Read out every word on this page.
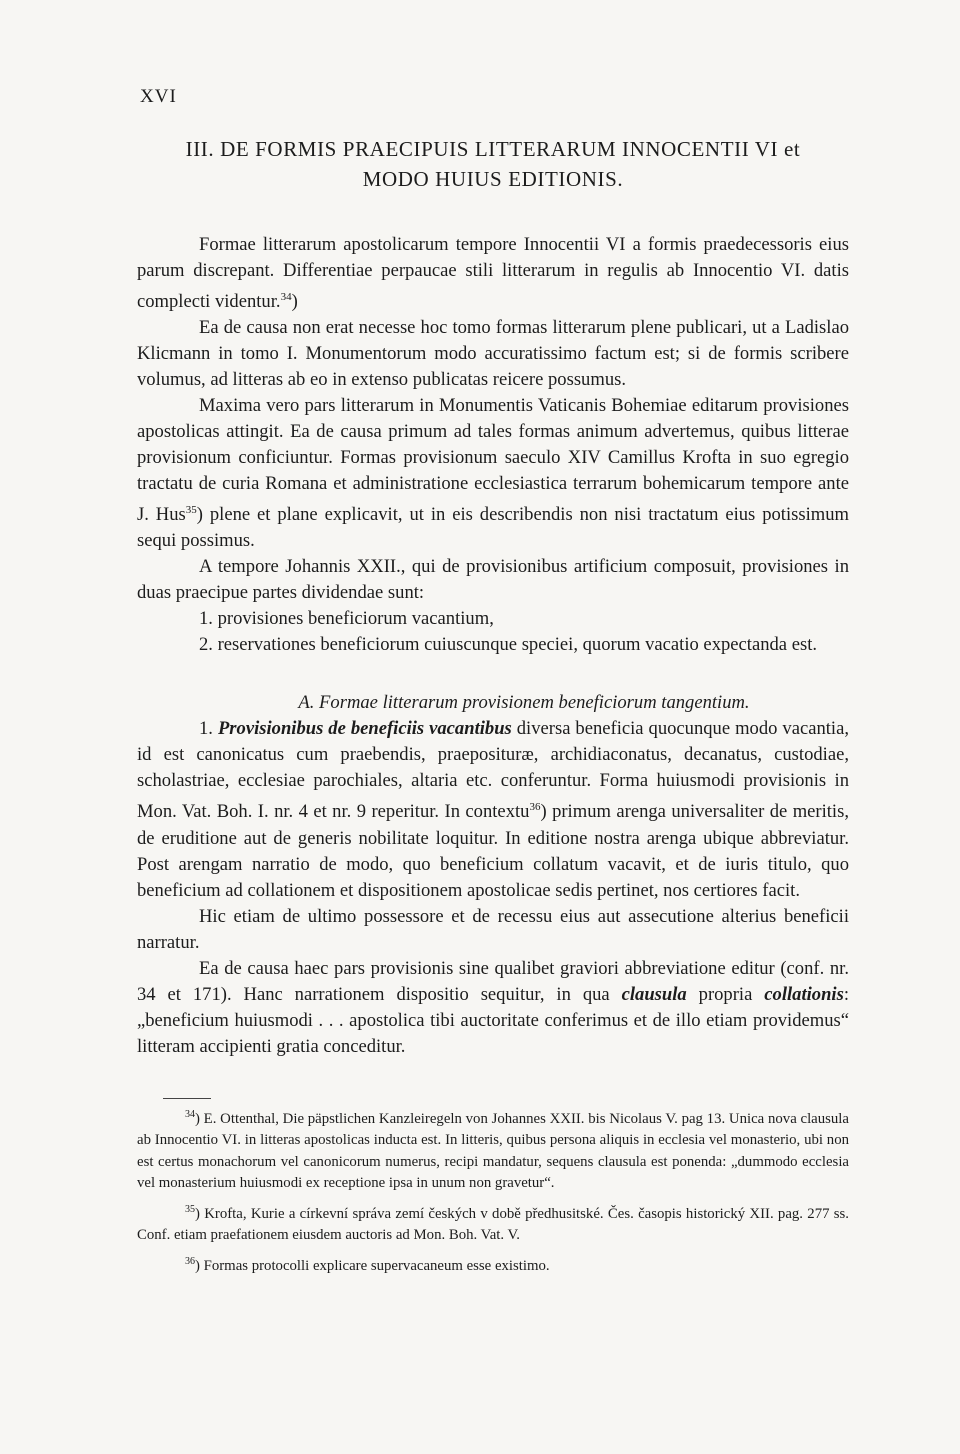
XVI
III. DE FORMIS PRAECIPUIS LITTERARUM INNOCENTII VI et
MODO HUIUS EDITIONIS.

Formae litterarum apostolicarum tempore Innocentii VI a formis praedecessoris eius parum discrepant. Differentiae perpaucae stili litterarum in regulis ab Innocentio VI. datis complecti videntur.$^{34}$)

Ea de causa non erat necesse hoc tomo formas litterarum plene publicari, ut a Ladislao Klicmann in tomo I. Monumentorum modo accuratissimo factum est; si de formis scribere volumus, ad litteras ab eo in extenso publicatas reicere possumus.

Maxima vero pars litterarum in Monumentis Vaticanis Bohemiae editarum provisiones apostolicas attingit. Ea de causa primum ad tales formas animum advertemus, quibus litterae provisionum conficiuntur. Formas provisionum saeculo XIV Camillus Krofta in suo egregio tractatu de curia Romana et administratione ecclesiastica terrarum bohemicarum tempore ante J. Hus$^{35}$) plene et plane explicavit, ut in eis describendis non nisi tractatum eius potissimum sequi possimus.

A tempore Johannis XXII., qui de provisionibus artificium composuit, provisiones in duas praecipue partes dividendae sunt:

1. provisiones beneficiorum vacantium,

2. reservationes beneficiorum cuiuscunque speciei, quorum vacatio expectanda est.

A. Formae litterarum provisionem beneficiorum tangentium.

1. Provisionibus de beneficiis vacantibus diversa beneficia quocunque modo vacantia, id est canonicatus cum praebendis, praeposituræ, archidiaconatus, decanatus, custodiae, scholastriae, ecclesiae parochiales, altaria etc. conferuntur. Forma huiusmodi provisionis in Mon. Vat. Boh. I. nr. 4 et nr. 9 reperitur. In contextu$^{36}$) primum arenga universaliter de meritis, de eruditione aut de generis nobilitate loquitur. In editione nostra arenga ubique abbreviatur. Post arengam narratio de modo, quo beneficium collatum vacavit, et de iuris titulo, quo beneficium ad collationem et dispositionem apostolicae sedis pertinet, nos certiores facit.

Hic etiam de ultimo possessore et de recessu eius aut assecutione alterius beneficii narratur.

Ea de causa haec pars provisionis sine qualibet graviori abbreviatione editur (conf. nr. 34 et 171). Hanc narrationem dispositio sequitur, in qua clausula propria collationis: „beneficium huiusmodi . . . apostolica tibi auctoritate conferimus et de illo etiam providemus“ litteram accipienti gratia conceditur.

$^{34}$) E. Ottenthal, Die päpstlichen Kanzleiregeln von Johannes XXII. bis Nicolaus V. pag 13. Unica nova clausula ab Innocentio VI. in litteras apostolicas inducta est. In litteris, quibus persona aliquis in ecclesia vel monasterio, ubi non est certus monachorum vel canonicorum numerus, recipi mandatur, sequens clausula est ponenda: „dummodo ecclesia vel monasterium huiusmodi ex receptione ipsa in unum non gravetur“.

$^{35}$) Krofta, Kurie a církevní správa zemí českých v době předhusitské. Čes. časopis historický XII. pag. 277 ss. Conf. etiam praefationem eiusdem auctoris ad Mon. Boh. Vat. V.

$^{36}$) Formas protocolli explicare supervacaneum esse existimo.
